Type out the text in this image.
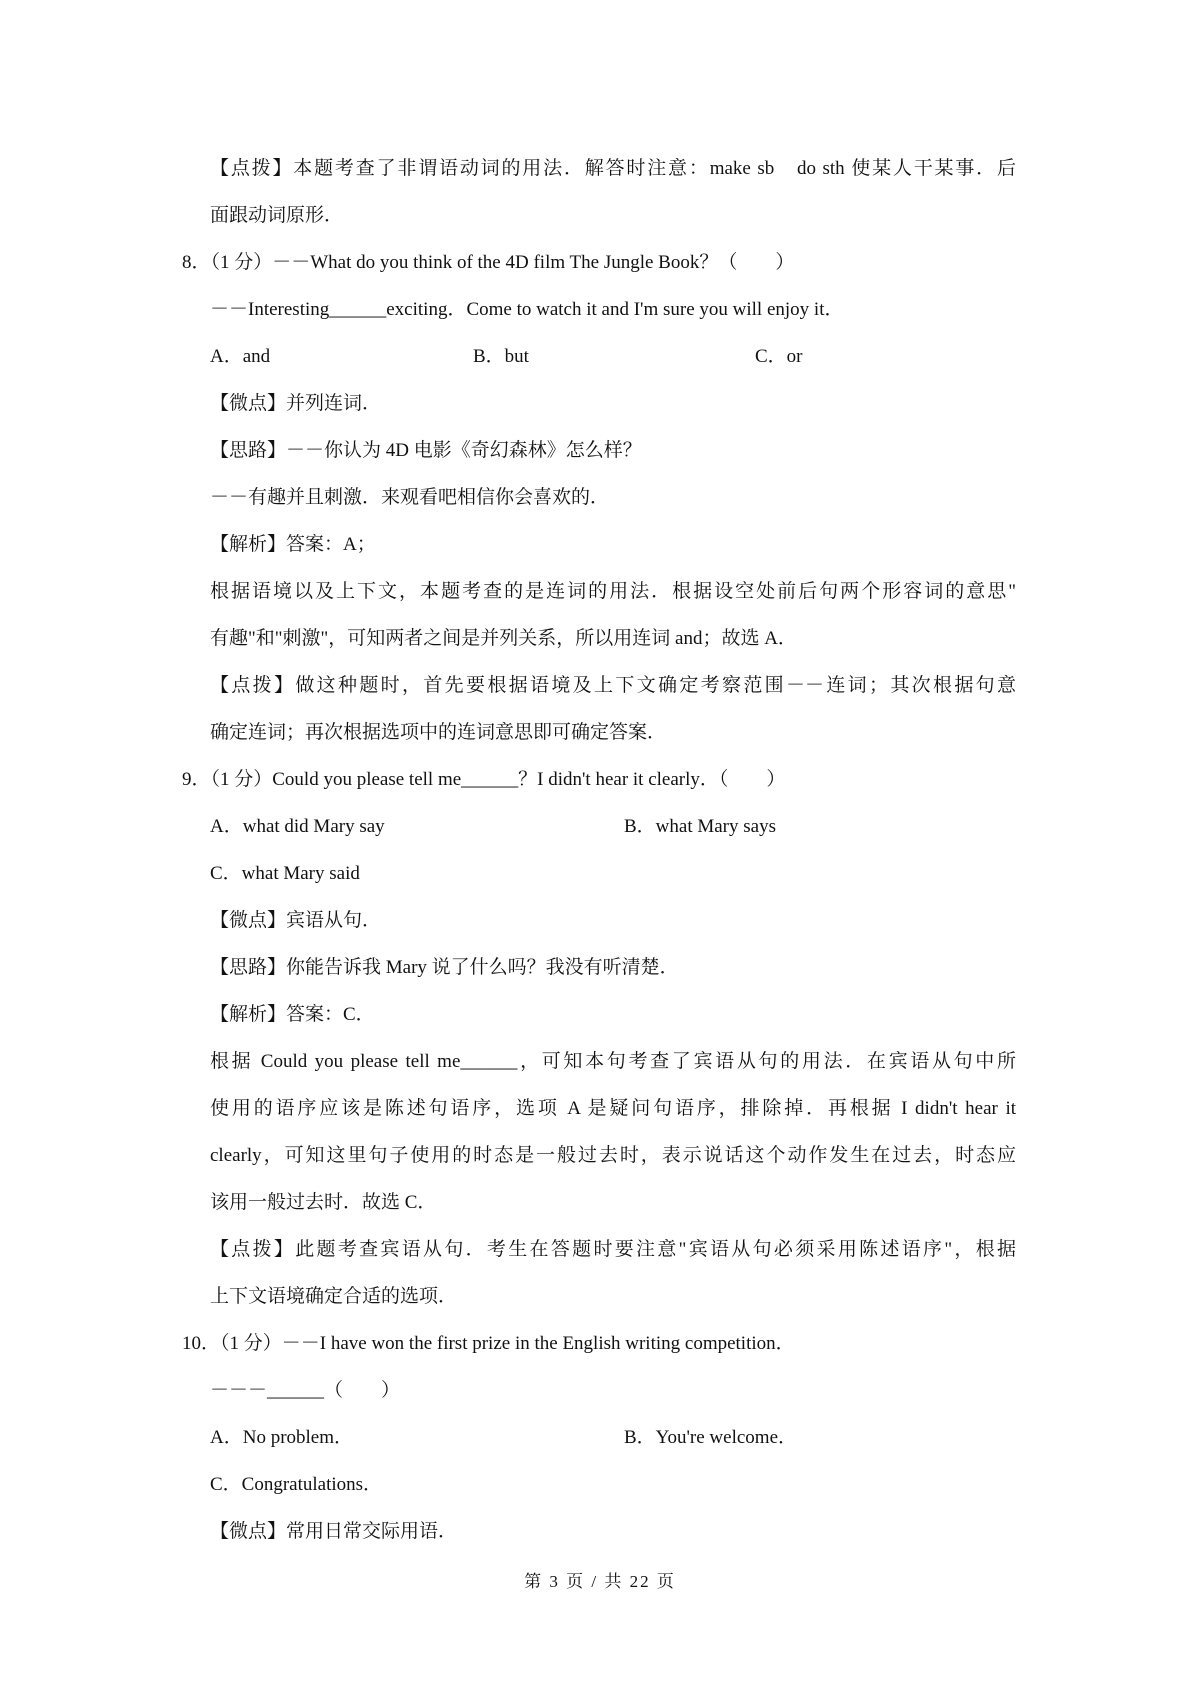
【点拨】本题考查了非谓语动词的用法．解答时注意：make sb　do sth 使某人干某事．后
面跟动词原形．
8．（1 分）－－What do you think of the 4D film The Jungle Book？（　　）
－－Interesting______exciting．Come to watch it and I'm sure you will enjoy it．
A．and	B．but	C．or
【微点】并列连词．
【思路】－－你认为 4D 电影《奇幻森林》怎么样？
－－有趣并且刺激．来观看吧相信你会喜欢的．
【解析】答案：A；
根据语境以及上下文，本题考查的是连词的用法．根据设空处前后句两个形容词的意思"
有趣"和"刺激"，可知两者之间是并列关系，所以用连词 and；故选 A．
【点拨】做这种题时，首先要根据语境及上下文确定考察范围－－连词；其次根据句意
确定连词；再次根据选项中的连词意思即可确定答案．
9．（1 分）Could you please tell me______？I didn't hear it clearly．（　　）
A．what did Mary say	B．what Mary says
C．what Mary said
【微点】宾语从句．
【思路】你能告诉我 Mary 说了什么吗？我没有听清楚．
【解析】答案：C．
根据 Could you please tell me______，可知本句考查了宾语从句的用法．在宾语从句中所
使用的语序应该是陈述句语序，选项 A 是疑问句语序，排除掉．再根据 I didn't hear it
clearly，可知这里句子使用的时态是一般过去时，表示说话这个动作发生在过去，时态应
该用一般过去时．故选 C．
【点拨】此题考查宾语从句．考生在答题时要注意"宾语从句必须采用陈述语序"，根据
上下文语境确定合适的选项．
10．（1 分）－－I have won the first prize in the English writing competition．
－－－______（　　）
A．No problem．	B．You're welcome．
C．Congratulations．
【微点】常用日常交际用语．
第 3 页 / 共 22 页
